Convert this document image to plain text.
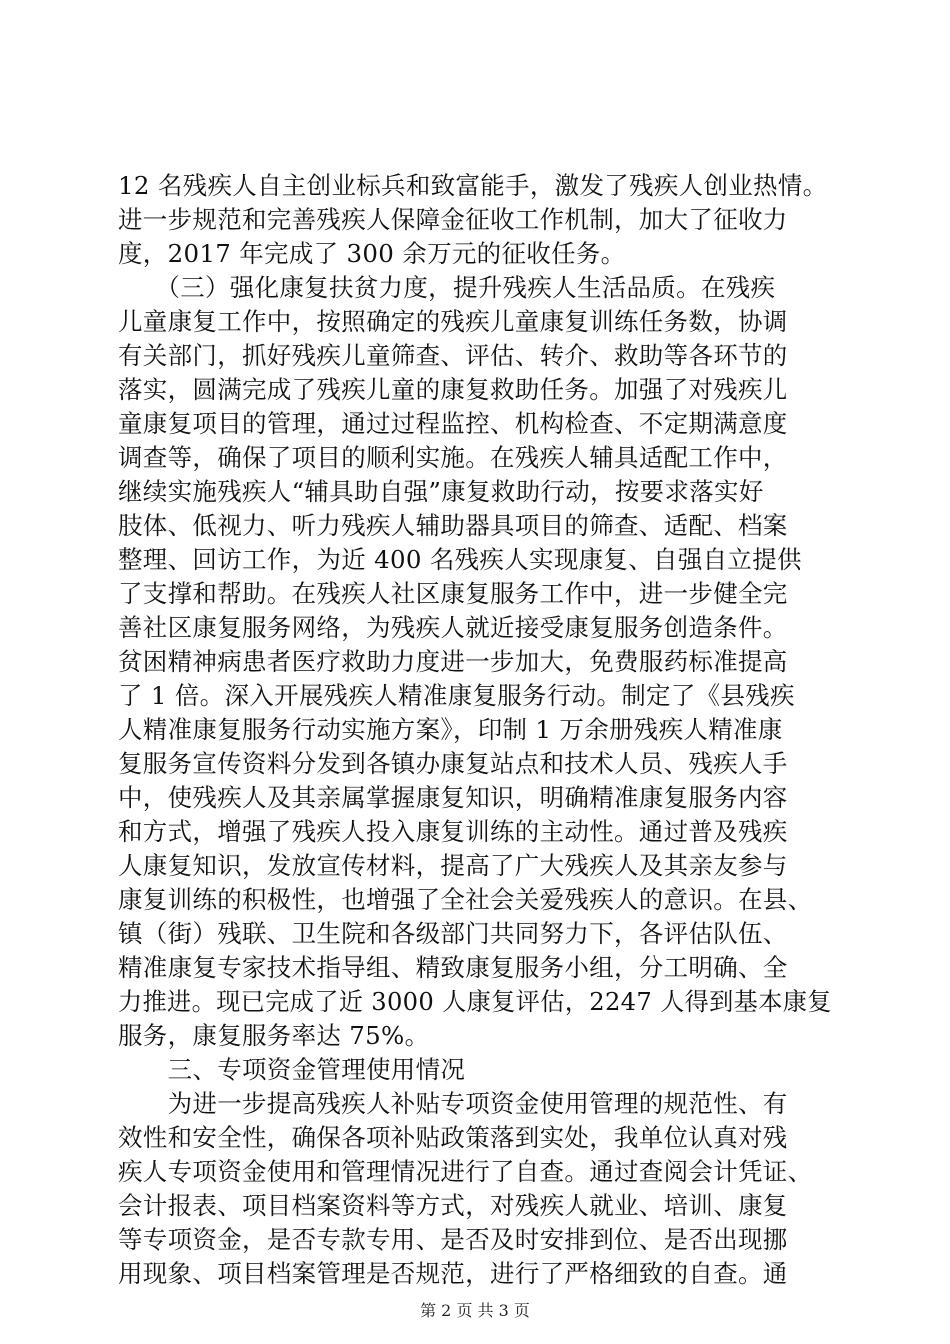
12 名残疾人自主创业标兵和致富能手，激发了残疾人创业热情。
进一步规范和完善残疾人保障金征收工作机制，加大了征收力
度，2017 年完成了 300 余万元的征收任务。
　　（三）强化康复扶贫力度，提升残疾人生活品质。在残疾
儿童康复工作中，按照确定的残疾儿童康复训练任务数，协调
有关部门，抓好残疾儿童筛查、评估、转介、救助等各环节的
落实，圆满完成了残疾儿童的康复救助任务。加强了对残疾儿
童康复项目的管理，通过过程监控、机构检查、不定期满意度
调查等，确保了项目的顺利实施。在残疾人辅具适配工作中，
继续实施残疾人“辅具助自强”康复救助行动，按要求落实好
肢体、低视力、听力残疾人辅助器具项目的筛查、适配、档案
整理、回访工作，为近 400 名残疾人实现康复、自强自立提供
了支撑和帮助。在残疾人社区康复服务工作中，进一步健全完
善社区康复服务网络，为残疾人就近接受康复服务创造条件。
贫困精神病患者医疗救助力度进一步加大，免费服药标准提高
了 1 倍。深入开展残疾人精准康复服务行动。制定了《县残疾
人精准康复服务行动实施方案》，印制 1 万余册残疾人精准康
复服务宣传资料分发到各镇办康复站点和技术人员、残疾人手
中，使残疾人及其亲属掌握康复知识，明确精准康复服务内容
和方式，增强了残疾人投入康复训练的主动性。通过普及残疾
人康复知识，发放宣传材料，提高了广大残疾人及其亲友参与
康复训练的积极性，也增强了全社会关爱残疾人的意识。在县、
镇（街）残联、卫生院和各级部门共同努力下，各评估队伍、
精准康复专家技术指导组、精致康复服务小组，分工明确、全
力推进。现已完成了近 3000 人康复评估，2247 人得到基本康复
服务，康复服务率达 75%。
　　三、专项资金管理使用情况
　　为进一步提高残疾人补贴专项资金使用管理的规范性、有
效性和安全性，确保各项补贴政策落到实处，我单位认真对残
疾人专项资金使用和管理情况进行了自查。通过查阅会计凭证、
会计报表、项目档案资料等方式，对残疾人就业、培训、康复
等专项资金，是否专款专用、是否及时安排到位、是否出现挪
用现象、项目档案管理是否规范，进行了严格细致的自查。通
第 2 页 共 3 页
